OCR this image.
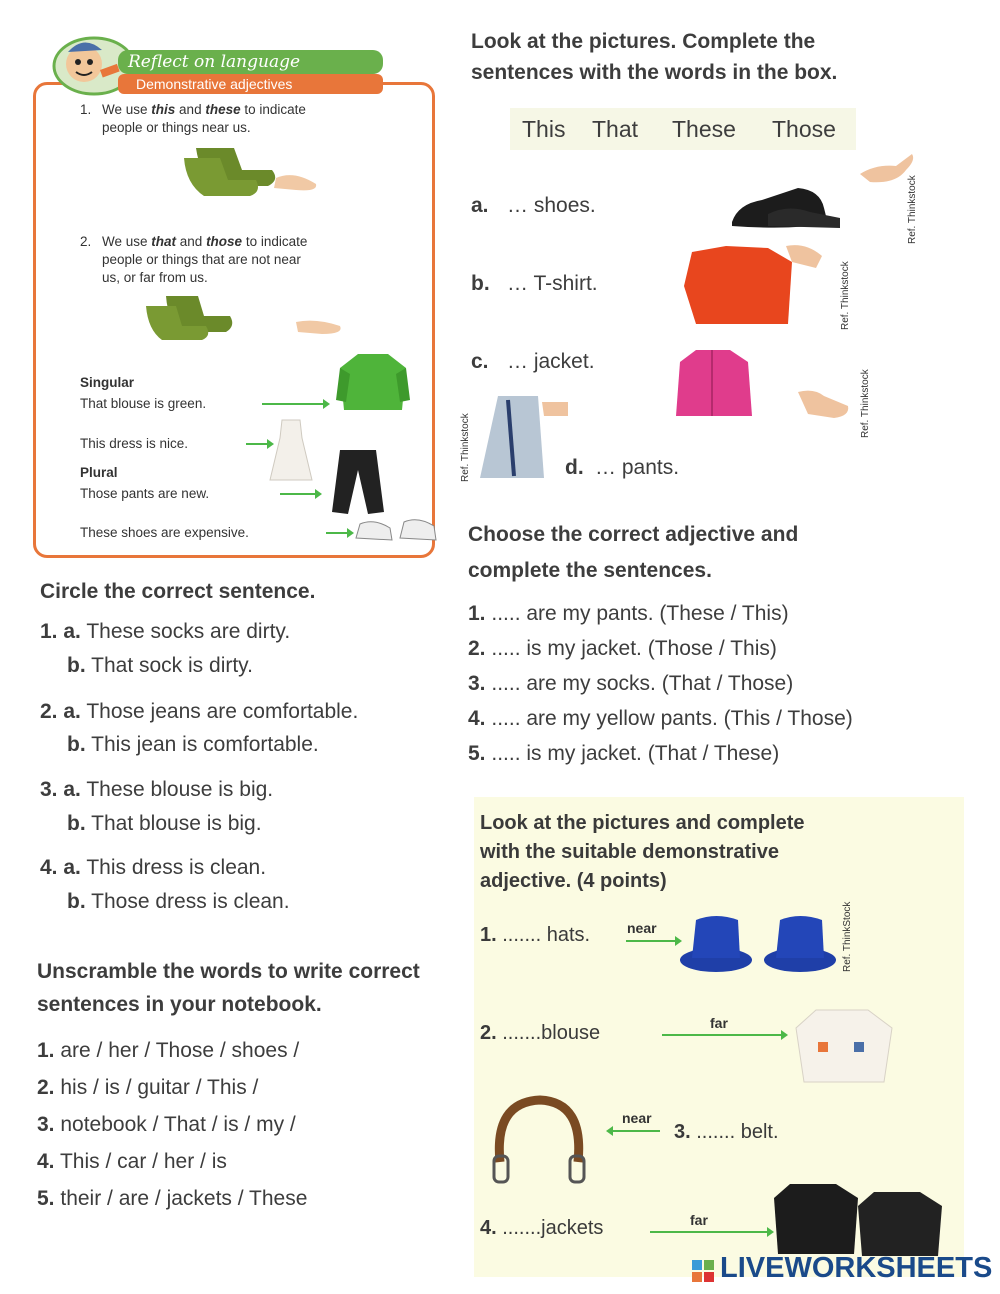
Reflect on language
Demonstrative adjectives
1. We use this and these to indicate
people or things near us.
2. We use that and those to indicate
people or things that are not near
us, or far from us.
Singular
That blouse is green.
This dress is nice.
Plural
Those pants are new.
These shoes are expensive.
Look at the pictures. Complete the
sentences with the words in the box.
This That These Those
a. … shoes.
b. … T-shirt.
c. … jacket.
d. … pants.
Ref. Thinkstock
Ref. Thinkstock
Ref. Thinkstock
Ref. Thinkstock
Circle the correct sentence.
1. a. These socks are dirty.
b. That sock is dirty.
2. a. Those jeans are comfortable.
b. This jean is comfortable.
3. a. These blouse is big.
b. That blouse is big.
4. a. This dress is clean.
b. Those dress is clean.
Unscramble the words to write correct
sentences in your notebook.
1. are / her / Those / shoes /
2. his / is / guitar / This /
3. notebook / That / is / my /
4. This / car / her / is
5. their / are / jackets / These
Choose the correct adjective and
complete the sentences.
1. ..... are my pants. (These / This)
2. ..... is my jacket. (Those / This)
3. ..... are my socks. (That / Those)
4. ..... are my yellow pants. (This / Those)
5. ..... is my jacket. (That / These)
Look at the pictures and complete
with the suitable demonstrative
adjective. (4 points)
1. ....... hats.	near	Ref. ThinkStock
2. .......blouse	far
near
3. ....... belt.
4. .......jackets	far
LIVEWORKSHEETS
